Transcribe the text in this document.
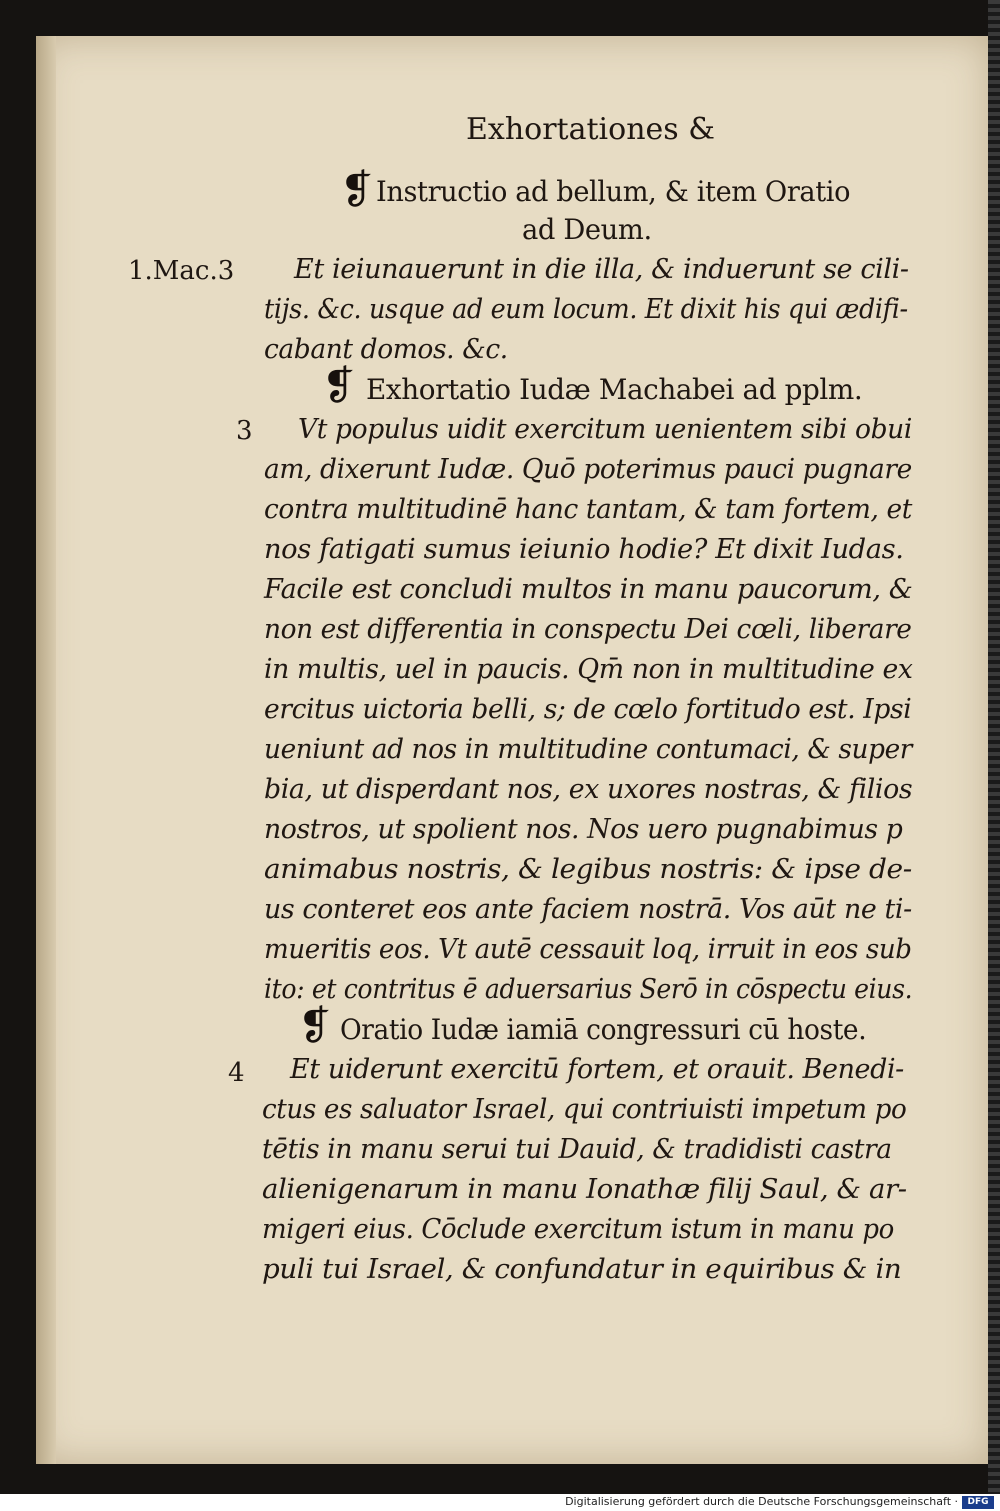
Exhortationes &
1.Mac.3
3
4
❡
❡
❡
Instructio ad bellum, & item Oratio
ad Deum.
Et ieiunauerunt in die illa, & induerunt se cili-
tijs. &c. usque ad eum locum. Et dixit his qui ædifi-
cabant domos. &c.
Exhortatio Iudæ Machabei ad pplm.
Vt populus uidit exercitum uenientem sibi obui
am, dixerunt Iudæ. Quō poterimus pauci pugnare
contra multitudinē hanc tantam, & tam fortem, et
nos fatigati sumus ieiunio hodie? Et dixit Iudas.
Facile est concludi multos in manu paucorum, &
non est differentia in conspectu Dei cœli, liberare
in multis, uel in paucis. Qm̄ non in multitudine ex
ercitus uictoria belli, s; de cœlo fortitudo est. Ipsi
ueniunt ad nos in multitudine contumaci, & super
bia, ut disperdant nos, ex uxores nostras, & filios
nostros, ut spolient nos. Nos uero pugnabimus p
animabus nostris, & legibus nostris: & ipse de-
us conteret eos ante faciem nostrā. Vos aūt ne ti-
mueritis eos. Vt autē cessauit loq, irruit in eos sub
ito: et contritus ē aduersarius Serō in cōspectu eius.
Oratio Iudæ iamiā congressuri cū hoste.
Et uiderunt exercitū fortem, et orauit. Benedi-
ctus es saluator Israel, qui contriuisti impetum po
tētis in manu serui tui Dauid, & tradidisti castra
alienigenarum in manu Ionathæ filij Saul, & ar-
migeri eius. Cōclude exercitum istum in manu po
puli tui Israel, & confundatur in equiribus & in
Digitalisierung gefördert durch die Deutsche Forschungsgemeinschaft ·	DFG
